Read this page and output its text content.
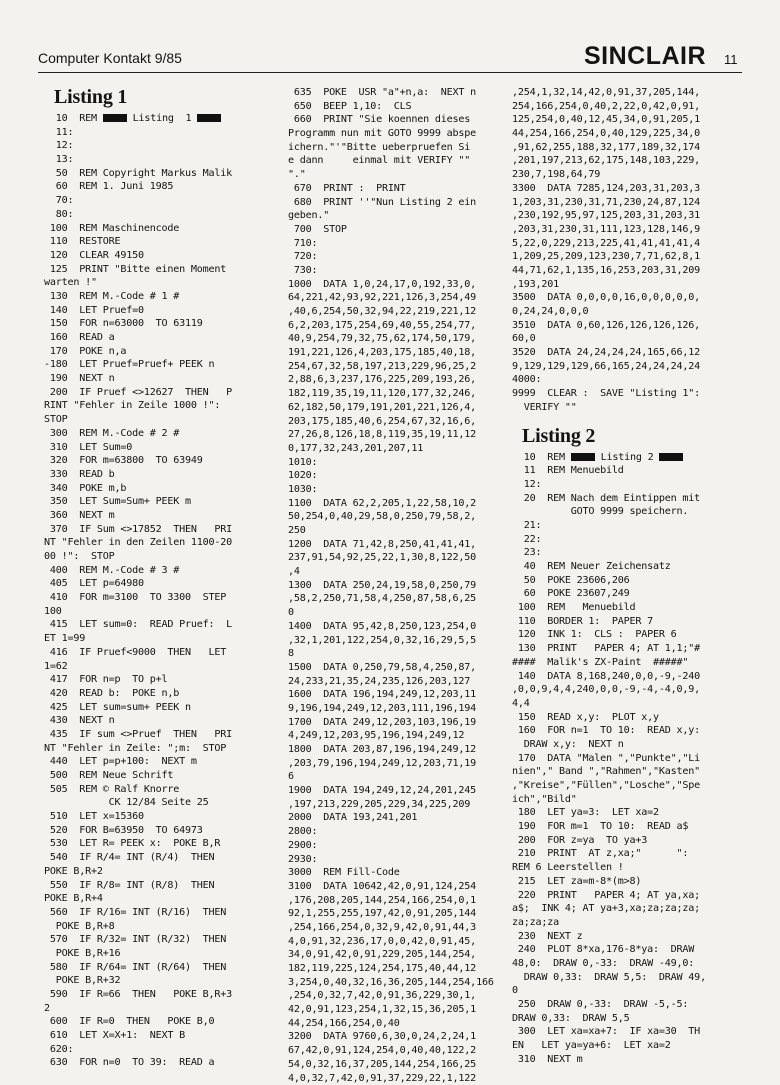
Computer Kontakt 9/85	SINCLAIR 11
Listing 1
10  REM  Listing  1
11:
12:
13:
50  REM Copyright Markus Malik
60  REM 1. Juni 1985
70:
80:
100  REM Maschinencode
110  RESTORE
120  CLEAR 49150
125  PRINT "Bitte einen Moment
warten !"
130  REM M.-Code # 1 #
140  LET Pruef=0
150  FOR n=63000  TO 63119
160  READ a
170  POKE n,a
-180  LET Pruef=Pruef+ PEEK n
190  NEXT n
200  IF Pruef <>12627  THEN   P
RINT "Fehler in Zeile 1000 !":
STOP
300  REM M.-Code # 2 #
310  LET Sum=0
320  FOR m=63800  TO 63949
330  READ b
340  POKE m,b
350  LET Sum=Sum+ PEEK m
360  NEXT m
370  IF Sum <>17852  THEN   PRI
NT "Fehler in den Zeilen 1100-20
00 !":  STOP
400  REM M.-Code # 3 #
405  LET p=64980
410  FOR m=3100  TO 3300  STEP
100
415  LET sum=0:  READ Pruef:  L
ET 1=99
416  IF Pruef<9000  THEN   LET
1=62
417  FOR n=p  TO p+l
420  READ b:  POKE n,b
425  LET sum=sum+ PEEK n
430  NEXT n
435  IF sum <>Pruef  THEN   PRI
NT "Fehler in Zeile: ";m:  STOP
440  LET p=p+100:  NEXT m
500  REM Neue Schrift
505  REM © Ralf Knorre
CK 12/84 Seite 25
510  LET x=15360
520  FOR B=63950  TO 64973
530  LET R= PEEK x:  POKE B,R
540  IF R/4= INT (R/4)  THEN
POKE B,R+2
550  IF R/8= INT (R/8)  THEN
POKE B,R+4
560  IF R/16= INT (R/16)  THEN
POKE B,R+8
570  IF R/32= INT (R/32)  THEN
POKE B,R+16
580  IF R/64= INT (R/64)  THEN
POKE B,R+32
590  IF R=66  THEN   POKE B,R+3
2
600  IF R=0  THEN   POKE B,0
610  LET X=X+1:  NEXT B
620:
630  FOR n=0  TO 39:  READ a
635  POKE  USR "a"+n,a:  NEXT n
650  BEEP 1,10:  CLS
660  PRINT "Sie koennen dieses
Programm nun mit GOTO 9999 abspe
ichern."'"Bitte ueberpruefen Si
e dann     einmal mit VERIFY ""
"."
670  PRINT :  PRINT
680  PRINT ''"Nun Listing 2 ein
geben."
700  STOP
710:
720:
730:
1000  DATA 1,0,24,17,0,192,33,0,
64,221,42,93,92,221,126,3,254,49
,40,6,254,50,32,94,22,219,221,12
6,2,203,175,254,69,40,55,254,77,
40,9,254,79,32,75,62,174,50,179,
191,221,126,4,203,175,185,40,18,
254,67,32,58,197,213,229,96,25,2
2,88,6,3,237,176,225,209,193,26,
182,119,35,19,11,120,177,32,246,
62,182,50,179,191,201,221,126,4,
203,175,185,40,6,254,67,32,16,6,
27,26,8,126,18,8,119,35,19,11,12
0,177,32,243,201,207,11
1010:
1020:
1030:
1100  DATA 62,2,205,1,22,58,10,2
50,254,0,40,29,58,0,250,79,58,2,
250
1200  DATA 71,42,8,250,41,41,41,
237,91,54,92,25,22,1,30,8,122,50
,4
1300  DATA 250,24,19,58,0,250,79
,58,2,250,71,58,4,250,87,58,6,25
0
1400  DATA 95,42,8,250,123,254,0
,32,1,201,122,254,0,32,16,29,5,5
8
1500  DATA 0,250,79,58,4,250,87,
24,233,21,35,24,235,126,203,127
1600  DATA 196,194,249,12,203,11
9,196,194,249,12,203,111,196,194
1700  DATA 249,12,203,103,196,19
4,249,12,203,95,196,194,249,12
1800  DATA 203,87,196,194,249,12
,203,79,196,194,249,12,203,71,19
6
1900  DATA 194,249,12,24,201,245
,197,213,229,205,229,34,225,209
2000  DATA 193,241,201
2800:
2900:
2930:
3000  REM Fill-Code
3100  DATA 10642,42,0,91,124,254
,176,208,205,144,254,166,254,0,1
92,1,255,255,197,42,0,91,205,144
,254,166,254,0,32,9,42,0,91,44,3
4,0,91,32,236,17,0,0,42,0,91,45,
34,0,91,42,0,91,229,205,144,254,
182,119,225,124,254,175,40,44,12
3,254,0,40,32,16,36,205,144,254,166
,254,0,32,7,42,0,91,36,229,30,1,
42,0,91,123,254,1,32,15,36,205,1
44,254,166,254,0,40
3200  DATA 9760,6,30,0,24,2,24,1
67,42,0,91,124,254,0,40,40,122,2
54,0,32,16,37,205,144,254,166,25
4,0,32,7,42,0,91,37,229,22,1,122
,254,1,32,14,42,0,91,37,205,144,
254,166,254,0,40,2,22,0,42,0,91,
125,254,0,40,12,45,34,0,91,205,1
44,254,166,254,0,40,129,225,34,0
,91,62,255,188,32,177,189,32,174
,201,197,213,62,175,148,103,229,
230,7,198,64,79
3300  DATA 7285,124,203,31,203,3
1,203,31,230,31,71,230,24,87,124
,230,192,95,97,125,203,31,203,31
,203,31,230,31,111,123,128,146,9
5,22,0,229,213,225,41,41,41,41,4
1,209,25,209,123,230,7,71,62,8,1
44,71,62,1,135,16,253,203,31,209
,193,201
3500  DATA 0,0,0,0,16,0,0,0,0,0,
0,24,24,0,0,0
3510  DATA 0,60,126,126,126,126,
60,0
3520  DATA 24,24,24,24,165,66,12
9,129,129,129,66,165,24,24,24,24
4000:
9999  CLEAR :  SAVE "Listing 1":
VERIFY ""
Listing 2
10  REM  Listing 2
11  REM Menuebild
12:
20  REM Nach dem Eintippen mit
GOTO 9999 speichern.
21:
22:
23:
40  REM Neuer Zeichensatz
50  POKE 23606,206
60  POKE 23607,249
100  REM   Menuebild
110  BORDER 1:  PAPER 7
120  INK 1:  CLS :  PAPER 6
130  PRINT   PAPER 4; AT 1,1;"#
####  Malik's ZX-Paint  #####"
140  DATA 8,168,240,0,0,-9,-240
,0,0,9,4,4,240,0,0,-9,-4,-4,0,9,
4,4
150  READ x,y:  PLOT x,y
160  FOR n=1  TO 10:  READ x,y:
DRAW x,y:  NEXT n
170  DATA "Malen ","Punkte","Li
nien"," Band ","Rahmen","Kasten"
,"Kreise","Füllen","Losche","Spe
ich","Bild"
180  LET ya=3:  LET xa=2
190  FOR m=1  TO 10:  READ a$
200  FOR z=ya  TO ya+3
210  PRINT  AT z,xa;"      ":
REM 6 Leerstellen !
215  LET za=m-8*(m>8)
220  PRINT   PAPER 4; AT ya,xa;
a$;  INK 4; AT ya+3,xa;za;za;za;
za;za;za
230  NEXT z
240  PLOT 8*xa,176-8*ya:  DRAW
48,0:  DRAW 0,-33:  DRAW -49,0:
DRAW 0,33:  DRAW 5,5:  DRAW 49,
0
250  DRAW 0,-33:  DRAW -5,-5:
DRAW 0,33:  DRAW 5,5
300  LET xa=xa+7:  IF xa=30  TH
EN   LET ya=ya+6:  LET xa=2
310  NEXT m
